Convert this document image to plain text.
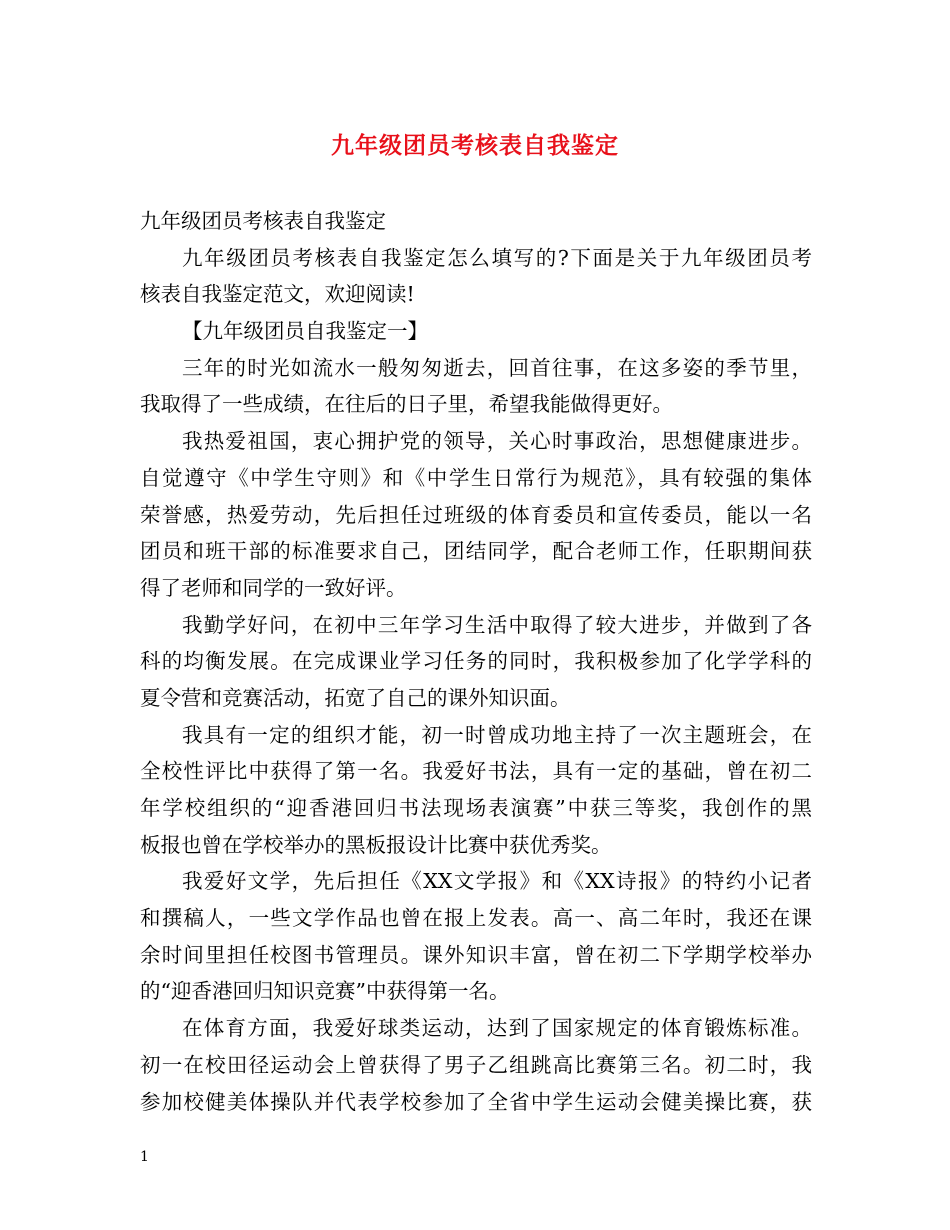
九年级团员考核表自我鉴定
九年级团员考核表自我鉴定
九年级团员考核表自我鉴定怎么填写的?下面是关于九年级团员考
核表自我鉴定范文，欢迎阅读!
【九年级团员自我鉴定一】
三年的时光如流水一般匆匆逝去，回首往事，在这多姿的季节里，
我取得了一些成绩，在往后的日子里，希望我能做得更好。
我热爱祖国，衷心拥护党的领导，关心时事政治，思想健康进步。
自觉遵守《中学生守则》和《中学生日常行为规范》，具有较强的集体
荣誉感，热爱劳动，先后担任过班级的体育委员和宣传委员，能以一名
团员和班干部的标准要求自己，团结同学，配合老师工作，任职期间获
得了老师和同学的一致好评。
我勤学好问，在初中三年学习生活中取得了较大进步，并做到了各
科的均衡发展。在完成课业学习任务的同时，我积极参加了化学学科的
夏令营和竞赛活动，拓宽了自己的课外知识面。
我具有一定的组织才能，初一时曾成功地主持了一次主题班会，在
全校性评比中获得了第一名。我爱好书法，具有一定的基础，曾在初二
年学校组织的“迎香港回归书法现场表演赛”中获三等奖，我创作的黑
板报也曾在学校举办的黑板报设计比赛中获优秀奖。
我爱好文学，先后担任《XX文学报》和《XX诗报》的特约小记者
和撰稿人，一些文学作品也曾在报上发表。高一、高二年时，我还在课
余时间里担任校图书管理员。课外知识丰富，曾在初二下学期学校举办
的“迎香港回归知识竞赛”中获得第一名。
在体育方面，我爱好球类运动，达到了国家规定的体育锻炼标准。
初一在校田径运动会上曾获得了男子乙组跳高比赛第三名。初二时，我
参加校健美体操队并代表学校参加了全省中学生运动会健美操比赛，获
1
